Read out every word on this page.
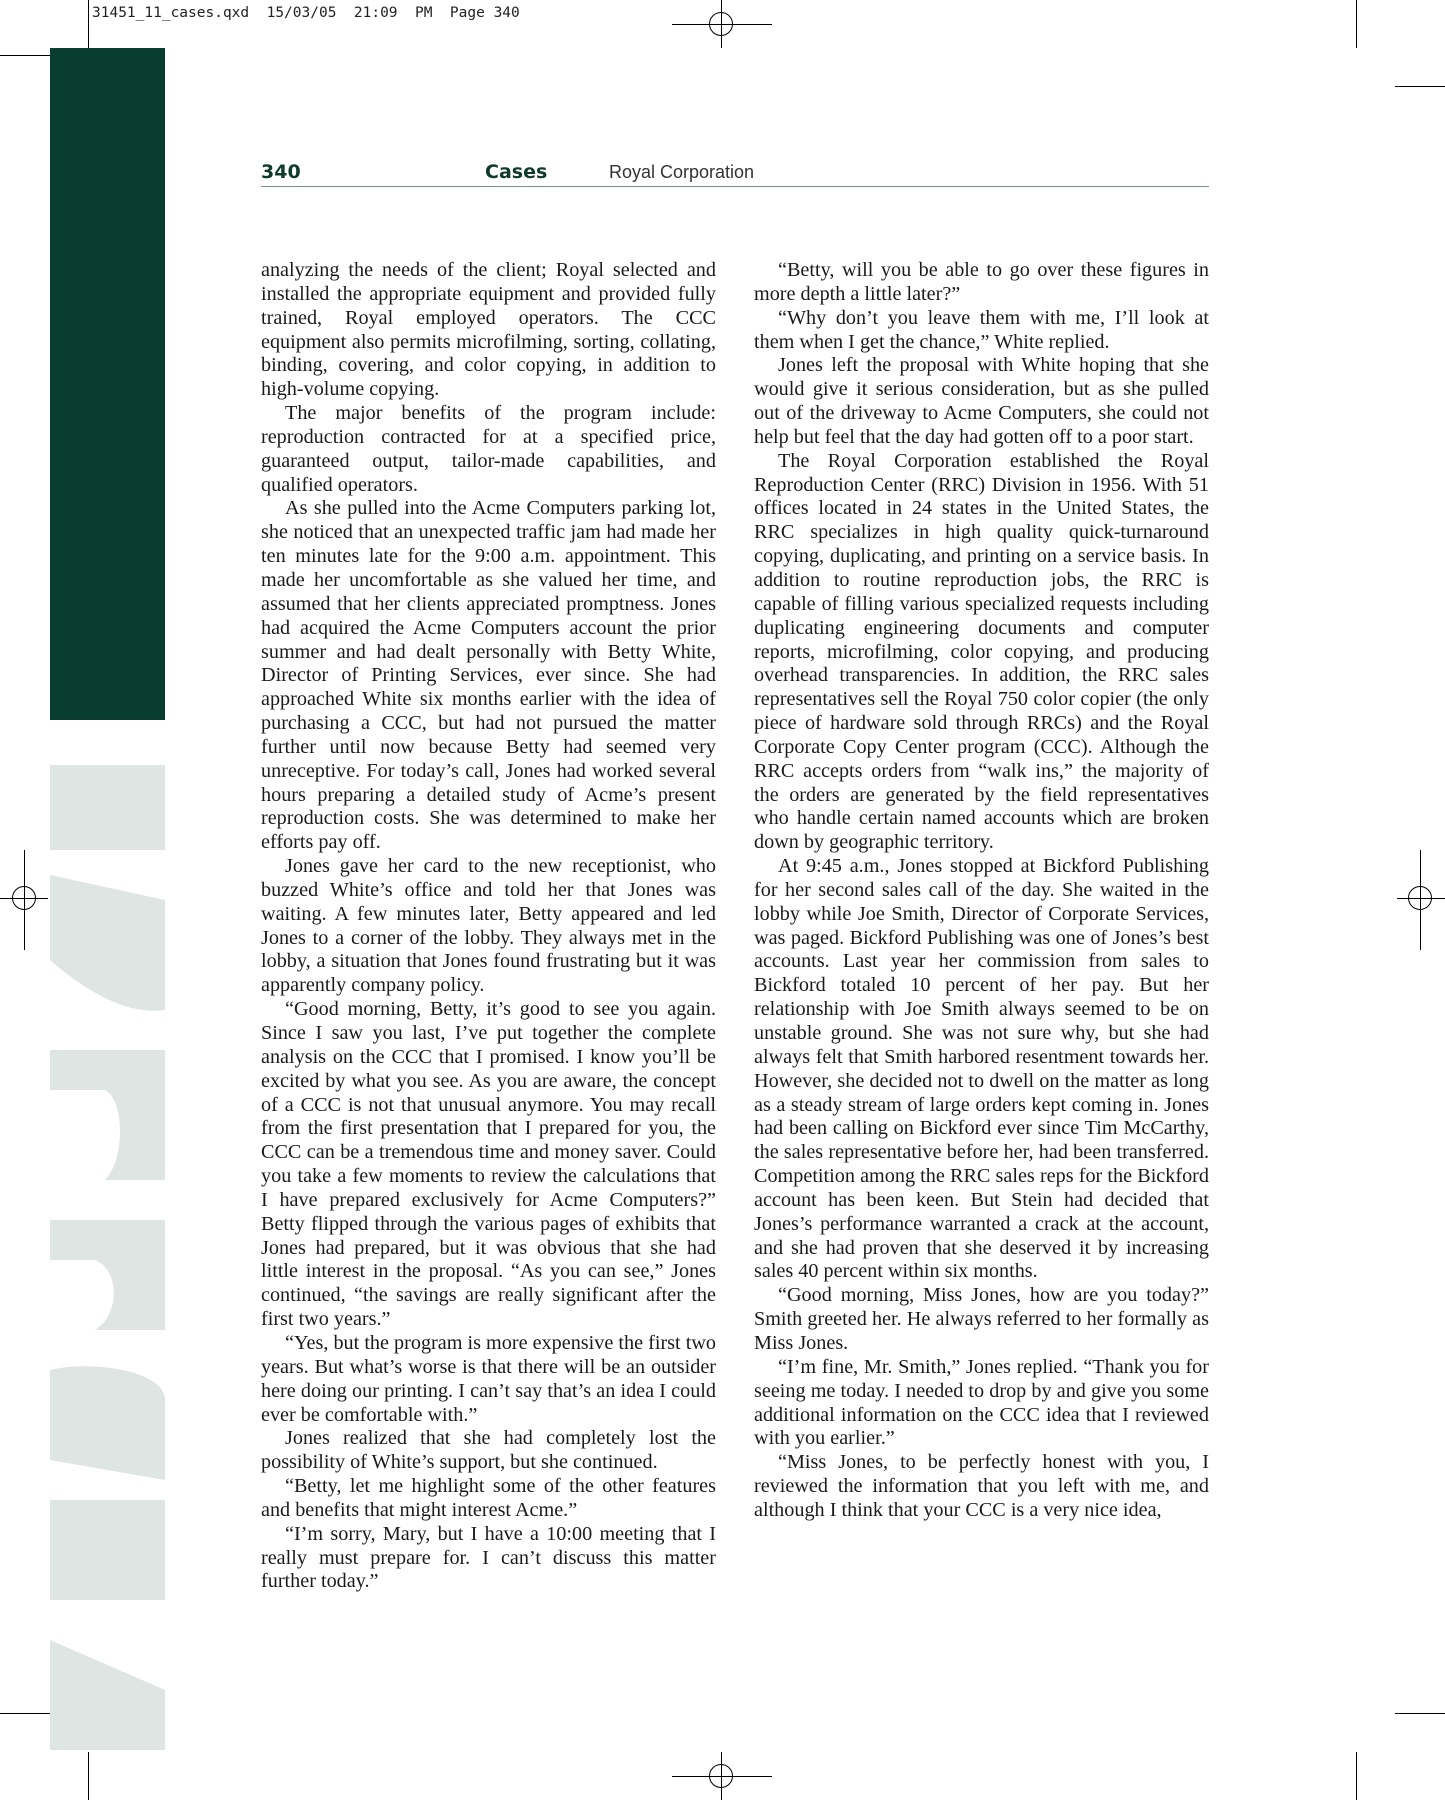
31451_11_cases.qxd  15/03/05  21:09  PM  Page 340
340	Cases	Royal Corporation

analyzing the needs of the client; Royal selected and installed the appropriate equipment and provided fully trained, Royal employed operators. The CCC equipment also permits microfilming, sorting, collating, binding, covering, and color copying, in addition to high-volume copying.

The major benefits of the program include: reproduction contracted for at a specified price, guaranteed output, tailor-made capabilities, and qualified operators.

As she pulled into the Acme Computers parking lot, she noticed that an unexpected traffic jam had made her ten minutes late for the 9:00 a.m. appointment. This made her uncomfortable as she valued her time, and assumed that her clients appreciated promptness. Jones had acquired the Acme Computers account the prior summer and had dealt personally with Betty White, Director of Printing Services, ever since. She had approached White six months earlier with the idea of purchasing a CCC, but had not pursued the matter further until now because Betty had seemed very unreceptive. For today’s call, Jones had worked several hours preparing a detailed study of Acme’s present reproduction costs. She was determined to make her efforts pay off.

Jones gave her card to the new receptionist, who buzzed White’s office and told her that Jones was waiting. A few minutes later, Betty appeared and led Jones to a corner of the lobby. They always met in the lobby, a situation that Jones found frustrating but it was apparently company policy.

“Good morning, Betty, it’s good to see you again. Since I saw you last, I’ve put together the complete analysis on the CCC that I promised. I know you’ll be excited by what you see. As you are aware, the concept of a CCC is not that unusual anymore. You may recall from the first presentation that I prepared for you, the CCC can be a tremendous time and money saver. Could you take a few moments to review the calculations that I have prepared exclusively for Acme Computers?” Betty flipped through the various pages of exhibits that Jones had prepared, but it was obvious that she had little interest in the proposal. “As you can see,” Jones continued, “the savings are really significant after the first two years.”

“Yes, but the program is more expensive the first two years. But what’s worse is that there will be an outsider here doing our printing. I can’t say that’s an idea I could ever be comfortable with.”

Jones realized that she had completely lost the possibility of White’s support, but she continued.

“Betty, let me highlight some of the other features and benefits that might interest Acme.”

“I’m sorry, Mary, but I have a 10:00 meeting that I really must prepare for. I can’t discuss this matter further today.”

“Betty, will you be able to go over these figures in more depth a little later?”

“Why don’t you leave them with me, I’ll look at them when I get the chance,” White replied.

Jones left the proposal with White hoping that she would give it serious consideration, but as she pulled out of the driveway to Acme Computers, she could not help but feel that the day had gotten off to a poor start.

The Royal Corporation established the Royal Reproduction Center (RRC) Division in 1956. With 51 offices located in 24 states in the United States, the RRC specializes in high quality quick-turnaround copying, duplicating, and printing on a service basis. In addition to routine reproduction jobs, the RRC is capable of filling various specialized requests including duplicating engineering documents and computer reports, microfilming, color copying, and producing overhead transparencies. In addition, the RRC sales representatives sell the Royal 750 color copier (the only piece of hardware sold through RRCs) and the Royal Corporate Copy Center program (CCC). Although the RRC accepts orders from “walk ins,” the majority of the orders are generated by the field representatives who handle certain named accounts which are broken down by geographic territory.

At 9:45 a.m., Jones stopped at Bickford Publishing for her second sales call of the day. She waited in the lobby while Joe Smith, Director of Corporate Services, was paged. Bickford Publishing was one of Jones’s best accounts. Last year her commission from sales to Bickford totaled 10 percent of her pay. But her relationship with Joe Smith always seemed to be on unstable ground. She was not sure why, but she had always felt that Smith harbored resentment towards her. However, she decided not to dwell on the matter as long as a steady stream of large orders kept coming in. Jones had been calling on Bickford ever since Tim McCarthy, the sales representative before her, had been transferred. Competition among the RRC sales reps for the Bickford account has been keen. But Stein had decided that Jones’s performance warranted a crack at the account, and she had proven that she deserved it by increasing sales 40 percent within six months.

“Good morning, Miss Jones, how are you today?” Smith greeted her. He always referred to her formally as Miss Jones.

“I’m fine, Mr. Smith,” Jones replied. “Thank you for seeing me today. I needed to drop by and give you some additional information on the CCC idea that I reviewed with you earlier.”

“Miss Jones, to be perfectly honest with you, I reviewed the information that you left with me, and although I think that your CCC is a very nice idea,
